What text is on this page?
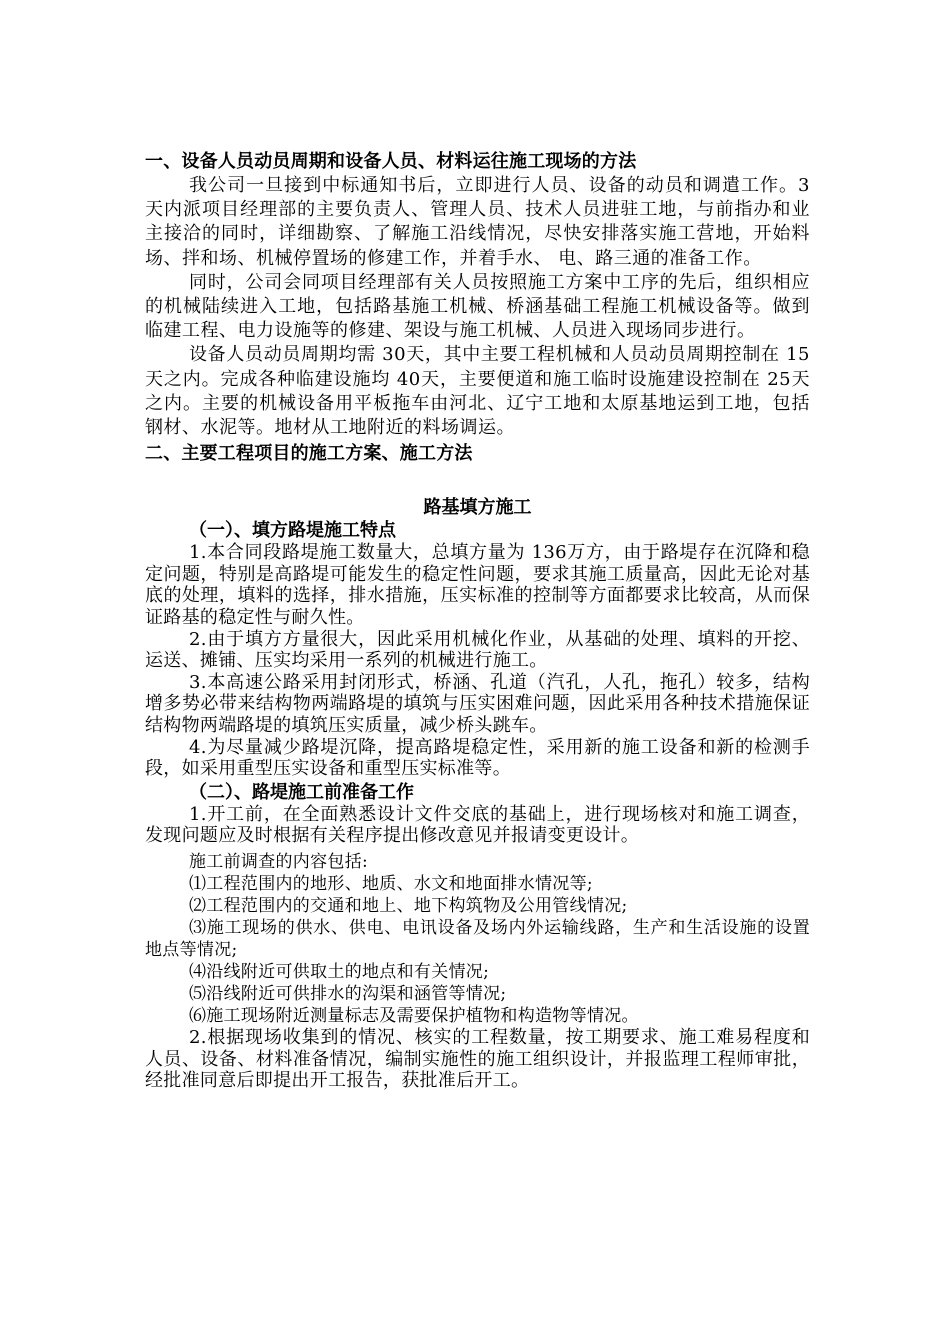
一、设备人员动员周期和设备人员、材料运往施工现场的方法
我公司一旦接到中标通知书后，立即进行人员、设备的动员和调遣工作。3天内派项目经理部的主要负责人、管理人员、技术人员进驻工地，与前指办和业主接洽的同时，详细勘察、了解施工沿线情况，尽快安排落实施工营地，开始料场、拌和场、机械停置场的修建工作，并着手水、 电、路三通的准备工作。
同时，公司会同项目经理部有关人员按照施工方案中工序的先后，组织相应的机械陆续进入工地，包括路基施工机械、桥涵基础工程施工机械设备等。做到临建工程、电力设施等的修建、架设与施工机械、人员进入现场同步进行。
设备人员动员周期均需 30天，其中主要工程机械和人员动员周期控制在 15天之内。完成各种临建设施均 40天，主要便道和施工临时设施建设控制在 25天之内。主要的机械设备用平板拖车由河北、辽宁工地和太原基地运到工地，包括钢材、水泥等。地材从工地附近的料场调运。
二、主要工程项目的施工方案、施工方法
路基填方施工
（一）、填方路堤施工特点
1.本合同段路堤施工数量大，总填方量为 136万方，由于路堤存在沉降和稳定问题，特别是高路堤可能发生的稳定性问题，要求其施工质量高，因此无论对基底的处理，填料的选择，排水措施，压实标准的控制等方面都要求比较高，从而保证路基的稳定性与耐久性。
2.由于填方方量很大，因此采用机械化作业，从基础的处理、填料的开挖、运送、摊铺、压实均采用一系列的机械进行施工。
3.本高速公路采用封闭形式，桥涵、孔道（汽孔，人孔，拖孔）较多，结构增多势必带来结构物两端路堤的填筑与压实困难问题，因此采用各种技术措施保证结构物两端路堤的填筑压实质量，减少桥头跳车。
4.为尽量减少路堤沉降，提高路堤稳定性，采用新的施工设备和新的检测手段，如采用重型压实设备和重型压实标准等。
（二）、路堤施工前准备工作
1.开工前，在全面熟悉设计文件交底的基础上，进行现场核对和施工调查，发现问题应及时根据有关程序提出修改意见并报请变更设计。
施工前调查的内容包括:
⑴工程范围内的地形、地质、水文和地面排水情况等;
⑵工程范围内的交通和地上、地下构筑物及公用管线情况;
⑶施工现场的供水、供电、电讯设备及场内外运输线路，生产和生活设施的设置地点等情况;
⑷沿线附近可供取土的地点和有关情况;
⑸沿线附近可供排水的沟渠和涵管等情况;
⑹施工现场附近测量标志及需要保护植物和构造物等情况。
2.根据现场收集到的情况、核实的工程数量，按工期要求、施工难易程度和人员、设备、材料准备情况，编制实施性的施工组织设计，并报监理工程师审批，经批准同意后即提出开工报告，获批准后开工。
